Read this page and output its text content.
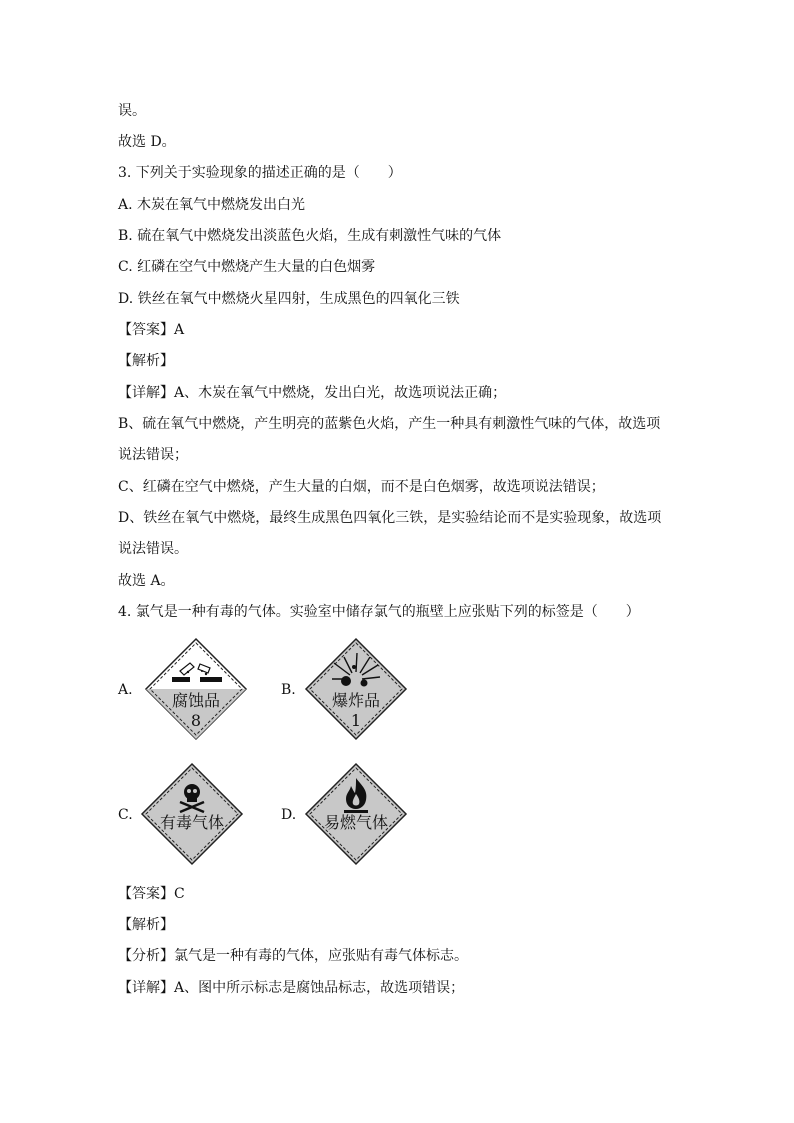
误。
故选 D。
3. 下列关于实验现象的描述正确的是（　　）
A. 木炭在氧气中燃烧发出白光
B. 硫在氧气中燃烧发出淡蓝色火焰，生成有刺激性气味的气体
C. 红磷在空气中燃烧产生大量的白色烟雾
D. 铁丝在氧气中燃烧火星四射，生成黑色的四氧化三铁
【答案】A
【解析】
【详解】A、木炭在氧气中燃烧，发出白光，故选项说法正确；
B、硫在氧气中燃烧，产生明亮的蓝紫色火焰，产生一种具有刺激性气味的气体，故选项
说法错误；
C、红磷在空气中燃烧，产生大量的白烟，而不是白色烟雾，故选项说法错误；
D、铁丝在氧气中燃烧，最终生成黑色四氧化三铁，是实验结论而不是实验现象，故选项
说法错误。
故选 A。
4. 氯气是一种有毒的气体。实验室中储存氯气的瓶壁上应张贴下列的标签是（　　）
A.	B.
C.	D.
腐蚀品
8
爆炸品
1
有毒气体	易燃气体
【答案】C
【解析】
【分析】氯气是一种有毒的气体，应张贴有毒气体标志。
【详解】A、图中所示标志是腐蚀品标志，故选项错误；
